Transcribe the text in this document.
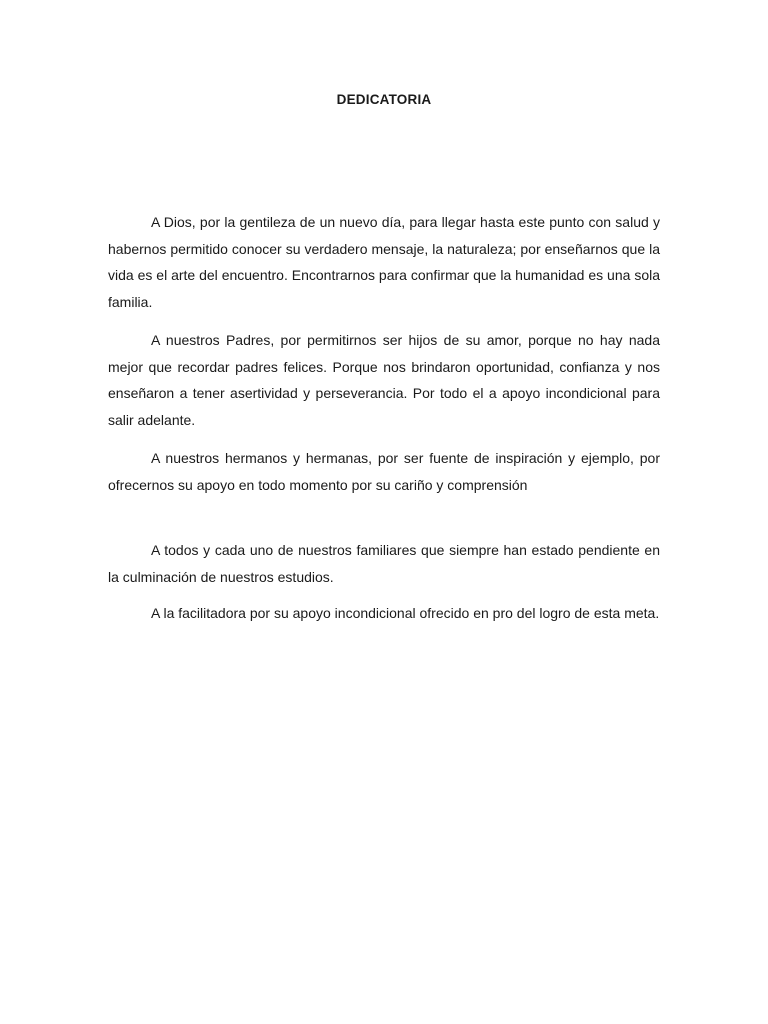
DEDICATORIA

A Dios, por la gentileza de un nuevo día, para llegar hasta este punto con salud y habernos permitido conocer su verdadero mensaje, la naturaleza; por enseñarnos que la vida es el arte del encuentro. Encontrarnos para confirmar que la humanidad es una sola familia.

A nuestros Padres, por permitirnos ser hijos de su amor, porque no hay nada mejor que recordar padres felices. Porque nos brindaron oportunidad, confianza y nos enseñaron a tener asertividad y perseverancia. Por todo el a apoyo incondicional para salir adelante.

A nuestros hermanos y hermanas, por ser fuente de inspiración y ejemplo, por ofrecernos su apoyo en todo momento por su cariño y comprensión

A todos y cada uno de nuestros familiares que siempre han estado pendiente en la culminación de nuestros estudios.

A la facilitadora por su apoyo incondicional ofrecido en pro del logro de esta meta.
